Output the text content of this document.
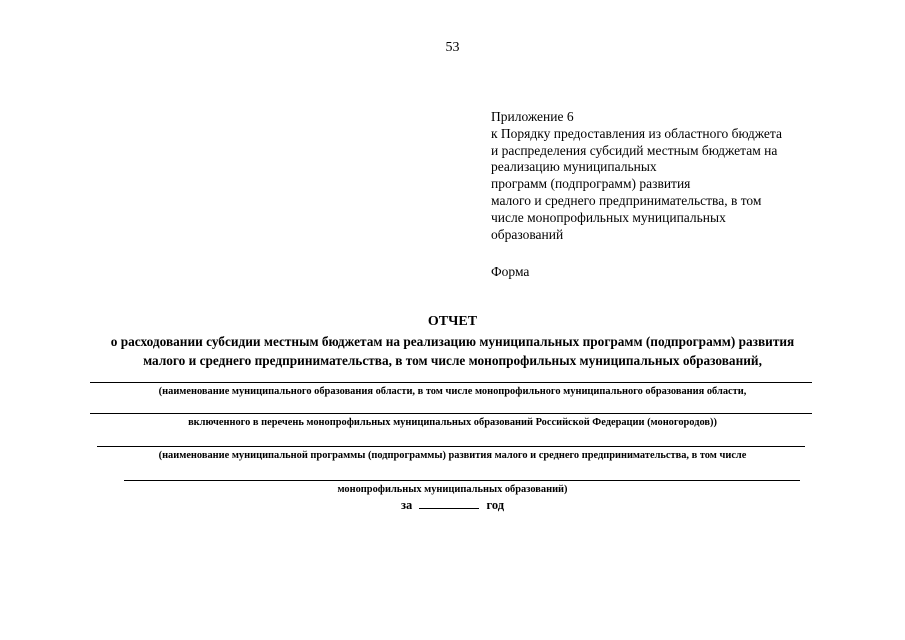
53
Приложение 6
к Порядку предоставления из областного бюджета
и распределения субсидий местным бюджетам на
реализацию муниципальных
программ (подпрограмм) развития
малого и среднего предпринимательства, в том
числе монопрофильных муниципальных
образований
Форма
ОТЧЕТ
о расходовании субсидии местным бюджетам на реализацию муниципальных программ (подпрограмм) развития
малого и среднего предпринимательства, в том числе монопрофильных муниципальных образований,
(наименование муниципального образования области, в том числе монопрофильного муниципального образования области,
включенного в перечень монопрофильных муниципальных образований Российской Федерации (моногородов))
(наименование муниципальной программы (подпрограммы) развития малого и среднего предпринимательства, в том числе
монопрофильных муниципальных образований)
за	год
